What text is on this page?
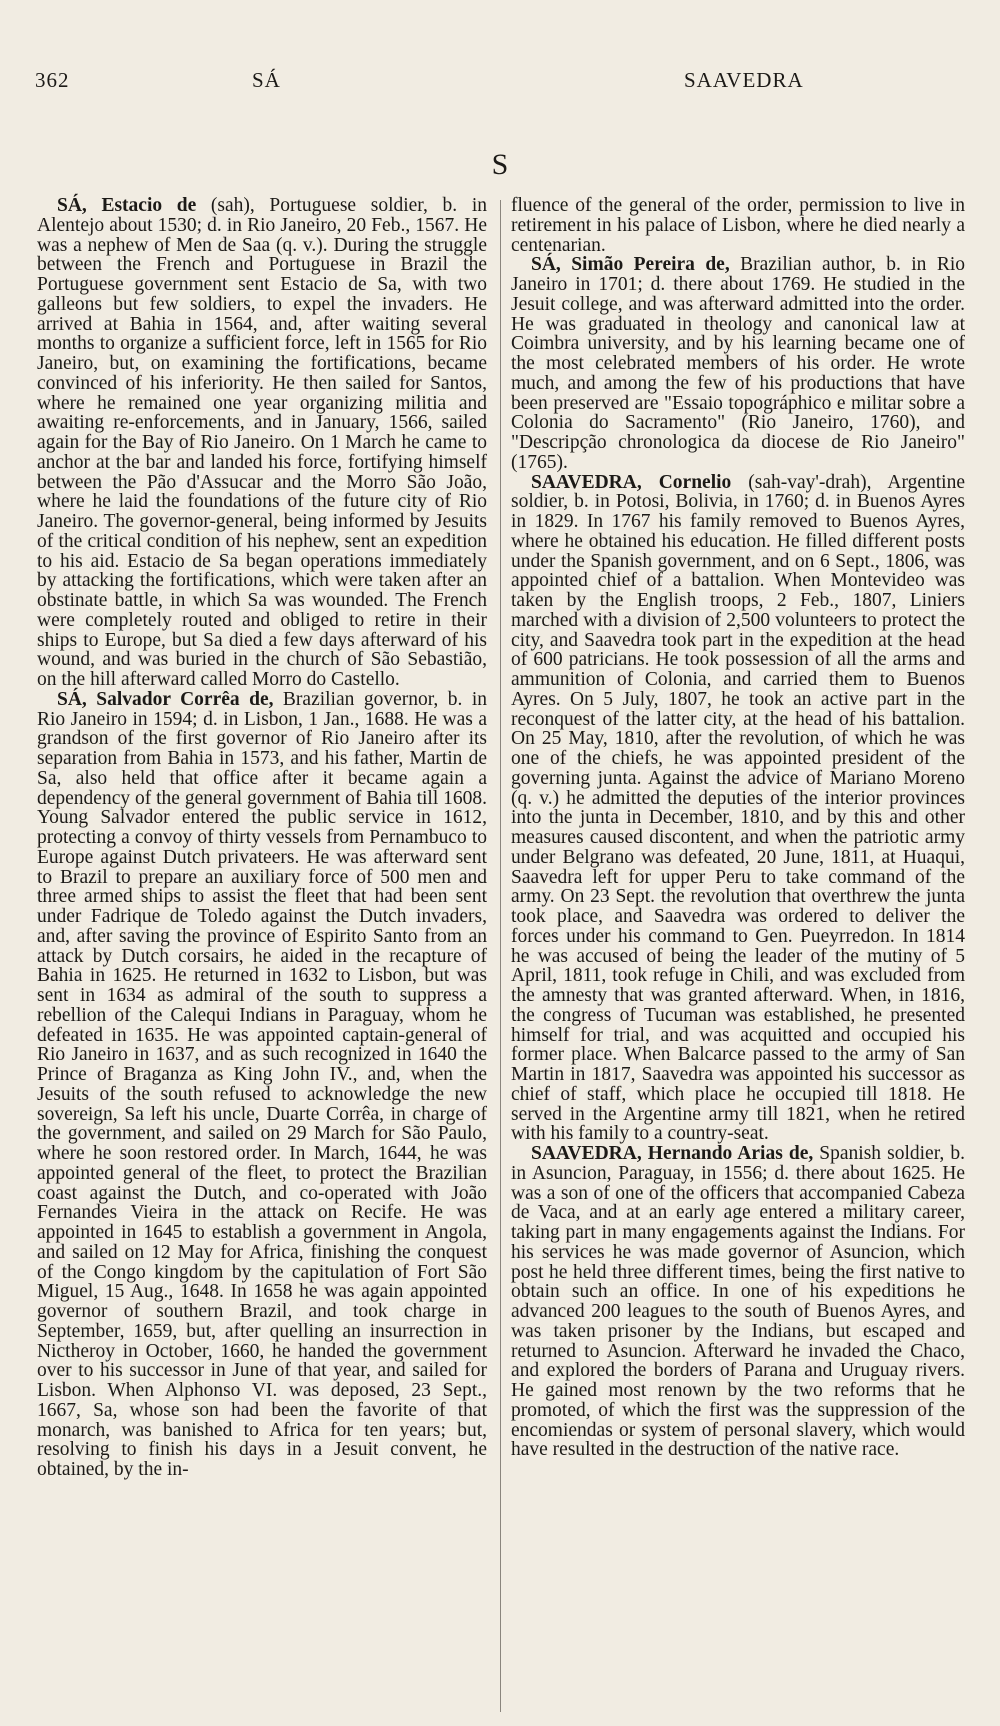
362	SÁ	SAAVEDRA
S

SÁ, Estacio de (sah), Portuguese soldier, b. in Alentejo about 1530; d. in Rio Janeiro, 20 Feb., 1567. He was a nephew of Men de Saa (q. v.). During the struggle between the French and Portuguese in Brazil the Portuguese government sent Estacio de Sa, with two galleons but few soldiers, to expel the invaders. He arrived at Bahia in 1564, and, after waiting several months to organize a sufficient force, left in 1565 for Rio Janeiro, but, on examining the fortifications, became convinced of his inferiority. He then sailed for Santos, where he remained one year organizing militia and awaiting re-enforcements, and in January, 1566, sailed again for the Bay of Rio Janeiro. On 1 March he came to anchor at the bar and landed his force, fortifying himself between the Pão d'Assucar and the Morro São João, where he laid the foundations of the future city of Rio Janeiro. The governor-general, being informed by Jesuits of the critical condition of his nephew, sent an expedition to his aid. Estacio de Sa began operations immediately by attacking the fortifications, which were taken after an obstinate battle, in which Sa was wounded. The French were completely routed and obliged to retire in their ships to Europe, but Sa died a few days afterward of his wound, and was buried in the church of São Sebastião, on the hill afterward called Morro do Castello.

SÁ, Salvador Corrêa de, Brazilian governor, b. in Rio Janeiro in 1594; d. in Lisbon, 1 Jan., 1688. He was a grandson of the first governor of Rio Janeiro after its separation from Bahia in 1573, and his father, Martin de Sa, also held that office after it became again a dependency of the general government of Bahia till 1608. Young Salvador entered the public service in 1612, protecting a convoy of thirty vessels from Pernambuco to Europe against Dutch privateers. He was afterward sent to Brazil to prepare an auxiliary force of 500 men and three armed ships to assist the fleet that had been sent under Fadrique de Toledo against the Dutch invaders, and, after saving the province of Espirito Santo from an attack by Dutch corsairs, he aided in the recapture of Bahia in 1625. He returned in 1632 to Lisbon, but was sent in 1634 as admiral of the south to suppress a rebellion of the Calequi Indians in Paraguay, whom he defeated in 1635. He was appointed captain-general of Rio Janeiro in 1637, and as such recognized in 1640 the Prince of Braganza as King John IV., and, when the Jesuits of the south refused to acknowledge the new sovereign, Sa left his uncle, Duarte Corrêa, in charge of the government, and sailed on 29 March for São Paulo, where he soon restored order. In March, 1644, he was appointed general of the fleet, to protect the Brazilian coast against the Dutch, and co-operated with João Fernandes Vieira in the attack on Recife. He was appointed in 1645 to establish a government in Angola, and sailed on 12 May for Africa, finishing the conquest of the Congo kingdom by the capitulation of Fort São Miguel, 15 Aug., 1648. In 1658 he was again appointed governor of southern Brazil, and took charge in September, 1659, but, after quelling an insurrection in Nictheroy in October, 1660, he handed the government over to his successor in June of that year, and sailed for Lisbon. When Alphonso VI. was deposed, 23 Sept., 1667, Sa, whose son had been the favorite of that monarch, was banished to Africa for ten years; but, resolving to finish his days in a Jesuit convent, he obtained, by the in-

fluence of the general of the order, permission to live in retirement in his palace of Lisbon, where he died nearly a centenarian.

SÁ, Simão Pereira de, Brazilian author, b. in Rio Janeiro in 1701; d. there about 1769. He studied in the Jesuit college, and was afterward admitted into the order. He was graduated in theology and canonical law at Coimbra university, and by his learning became one of the most celebrated members of his order. He wrote much, and among the few of his productions that have been preserved are "Essaio topográphico e militar sobre a Colonia do Sacramento" (Rio Janeiro, 1760), and "Descripção chronologica da diocese de Rio Janeiro" (1765).

SAAVEDRA, Cornelio (sah-vay'-drah), Argentine soldier, b. in Potosi, Bolivia, in 1760; d. in Buenos Ayres in 1829. In 1767 his family removed to Buenos Ayres, where he obtained his education. He filled different posts under the Spanish government, and on 6 Sept., 1806, was appointed chief of a battalion. When Montevideo was taken by the English troops, 2 Feb., 1807, Liniers marched with a division of 2,500 volunteers to protect the city, and Saavedra took part in the expedition at the head of 600 patricians. He took possession of all the arms and ammunition of Colonia, and carried them to Buenos Ayres. On 5 July, 1807, he took an active part in the reconquest of the latter city, at the head of his battalion. On 25 May, 1810, after the revolution, of which he was one of the chiefs, he was appointed president of the governing junta. Against the advice of Mariano Moreno (q. v.) he admitted the deputies of the interior provinces into the junta in December, 1810, and by this and other measures caused discontent, and when the patriotic army under Belgrano was defeated, 20 June, 1811, at Huaqui, Saavedra left for upper Peru to take command of the army. On 23 Sept. the revolution that overthrew the junta took place, and Saavedra was ordered to deliver the forces under his command to Gen. Pueyrredon. In 1814 he was accused of being the leader of the mutiny of 5 April, 1811, took refuge in Chili, and was excluded from the amnesty that was granted afterward. When, in 1816, the congress of Tucuman was established, he presented himself for trial, and was acquitted and occupied his former place. When Balcarce passed to the army of San Martin in 1817, Saavedra was appointed his successor as chief of staff, which place he occupied till 1818. He served in the Argentine army till 1821, when he retired with his family to a country-seat.

SAAVEDRA, Hernando Arias de, Spanish soldier, b. in Asuncion, Paraguay, in 1556; d. there about 1625. He was a son of one of the officers that accompanied Cabeza de Vaca, and at an early age entered a military career, taking part in many engagements against the Indians. For his services he was made governor of Asuncion, which post he held three different times, being the first native to obtain such an office. In one of his expeditions he advanced 200 leagues to the south of Buenos Ayres, and was taken prisoner by the Indians, but escaped and returned to Asuncion. Afterward he invaded the Chaco, and explored the borders of Parana and Uruguay rivers. He gained most renown by the two reforms that he promoted, of which the first was the suppression of the encomiendas or system of personal slavery, which would have resulted in the destruction of the native race.
